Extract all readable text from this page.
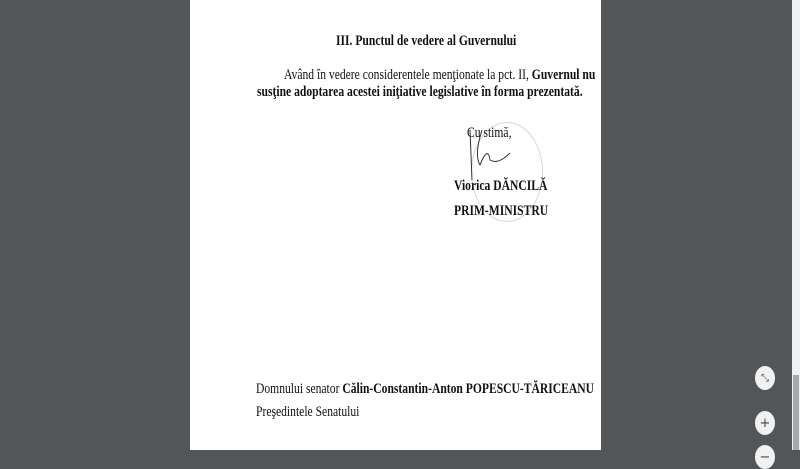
III. Punctul de vedere al Guvernului
Având în vedere considerentele menţionate la pct. II, Guvernul nu
susţine adoptarea acestei iniţiative legislative în forma prezentată.
Cu stimă,
Viorica DĂNCILĂ
PRIM-MINISTRU
Domnului senator Călin-Constantin-Anton POPESCU-TĂRICEANU
Preşedintele Senatului
⤡
+
−
